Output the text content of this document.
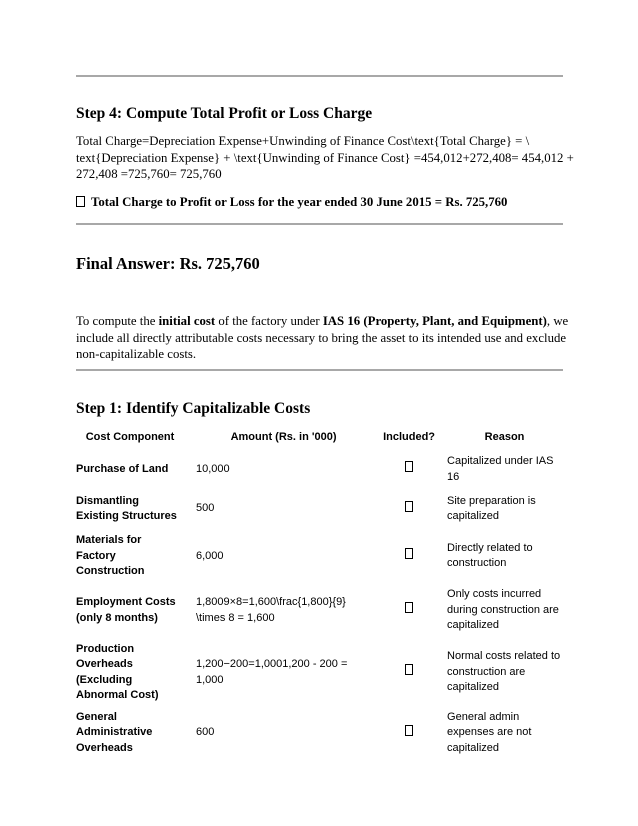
Step 4: Compute Total Profit or Loss Charge
Total Charge=Depreciation Expense+Unwinding of Finance Cost\text{Total Charge} = \
text{Depreciation Expense} + \text{Unwinding of Finance Cost} =454,012+272,408= 454,012 +
272,408 =725,760= 725,760
Total Charge to Profit or Loss for the year ended 30 June 2015 = Rs. 725,760
Final Answer: Rs. 725,760
To compute the initial cost of the factory under IAS 16 (Property, Plant, and Equipment), we
include all directly attributable costs necessary to bring the asset to its intended use and exclude
non-capitalizable costs.
Step 1: Identify Capitalizable Costs
Cost Component	Amount (Rs. in '000)	Included?	Reason
Purchase of Land	10,000		Capitalized under IAS 16
Dismantling Existing Structures	500		Site preparation is capitalized
Materials for Factory Construction	6,000		Directly related to construction
Employment Costs (only 8 months)	1,8009×8=1,600\frac{1,800}{9} \times 8 = 1,600		Only costs incurred during construction are capitalized
Production Overheads (Excluding Abnormal Cost)	1,200−200=1,0001,200 - 200 = 1,000		Normal costs related to construction are capitalized
General Administrative Overheads	600		General admin expenses are not capitalized
